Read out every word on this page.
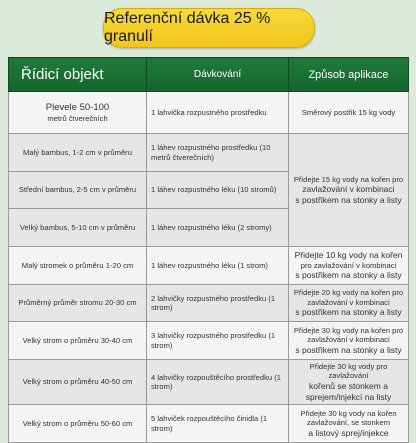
Referenční dávka 25 % granulí
Řídicí objekt	Dávkování	Způsob aplikace

Plevele 50-100
metrů čtverečních	1 lahvička rozpustného prostředku	Směrový postřik 15 kg vody
Malý bambus, 1-2 cm v průměru	1 láhev rozpustného prostředku (10 metrů čtverečních)	Přidejte 15 kg vody na kořen pro
zavlažování v kombinaci
s postřikem na stonky a listy

Střední bambus, 2-5 cm v průměru	1 láhev rozpustného léku (10 stromů)	
Velký bambus, 5-10 cm v průměru	1 láhev rozpustného léku (2 stromy)	
Malý stromek o průměru 1-20 cm	1 láhev rozpustného léku (1 strom)	Přidejte 10 kg vody na kořen
pro zavlažování v kombinaci
s postřikem na stonky a listy

Průměrný průměr stromu 20-30 cm	2 lahvičky rozpustného prostředku (1 strom)	Přidejte 20 kg vody na kořen pro
zavlažování v kombinaci
s postřikem na stonky a listy

Velký strom o průměru 30-40 cm	3 lahvičky rozpustného prostředku (1 strom)	Přidejte 30 kg vody na kořen pro
zavlažování v kombinaci
s postřikem na stonky a listy

Velký strom o průměru 40-50 cm	4 lahvičky rozpouštěcího prostředku (1 strom)	Přidejte 30 kg vody pro zavlažování
kořenů se stonkem a
sprejem/injekcí na listy

Velký strom o průměru 50-60 cm	5 lahviček rozpouštěcího činidla (1 strom)	Přidejte 30 kg vody na kořen
zavlažování, se stonkem
a listový sprej/injekce
